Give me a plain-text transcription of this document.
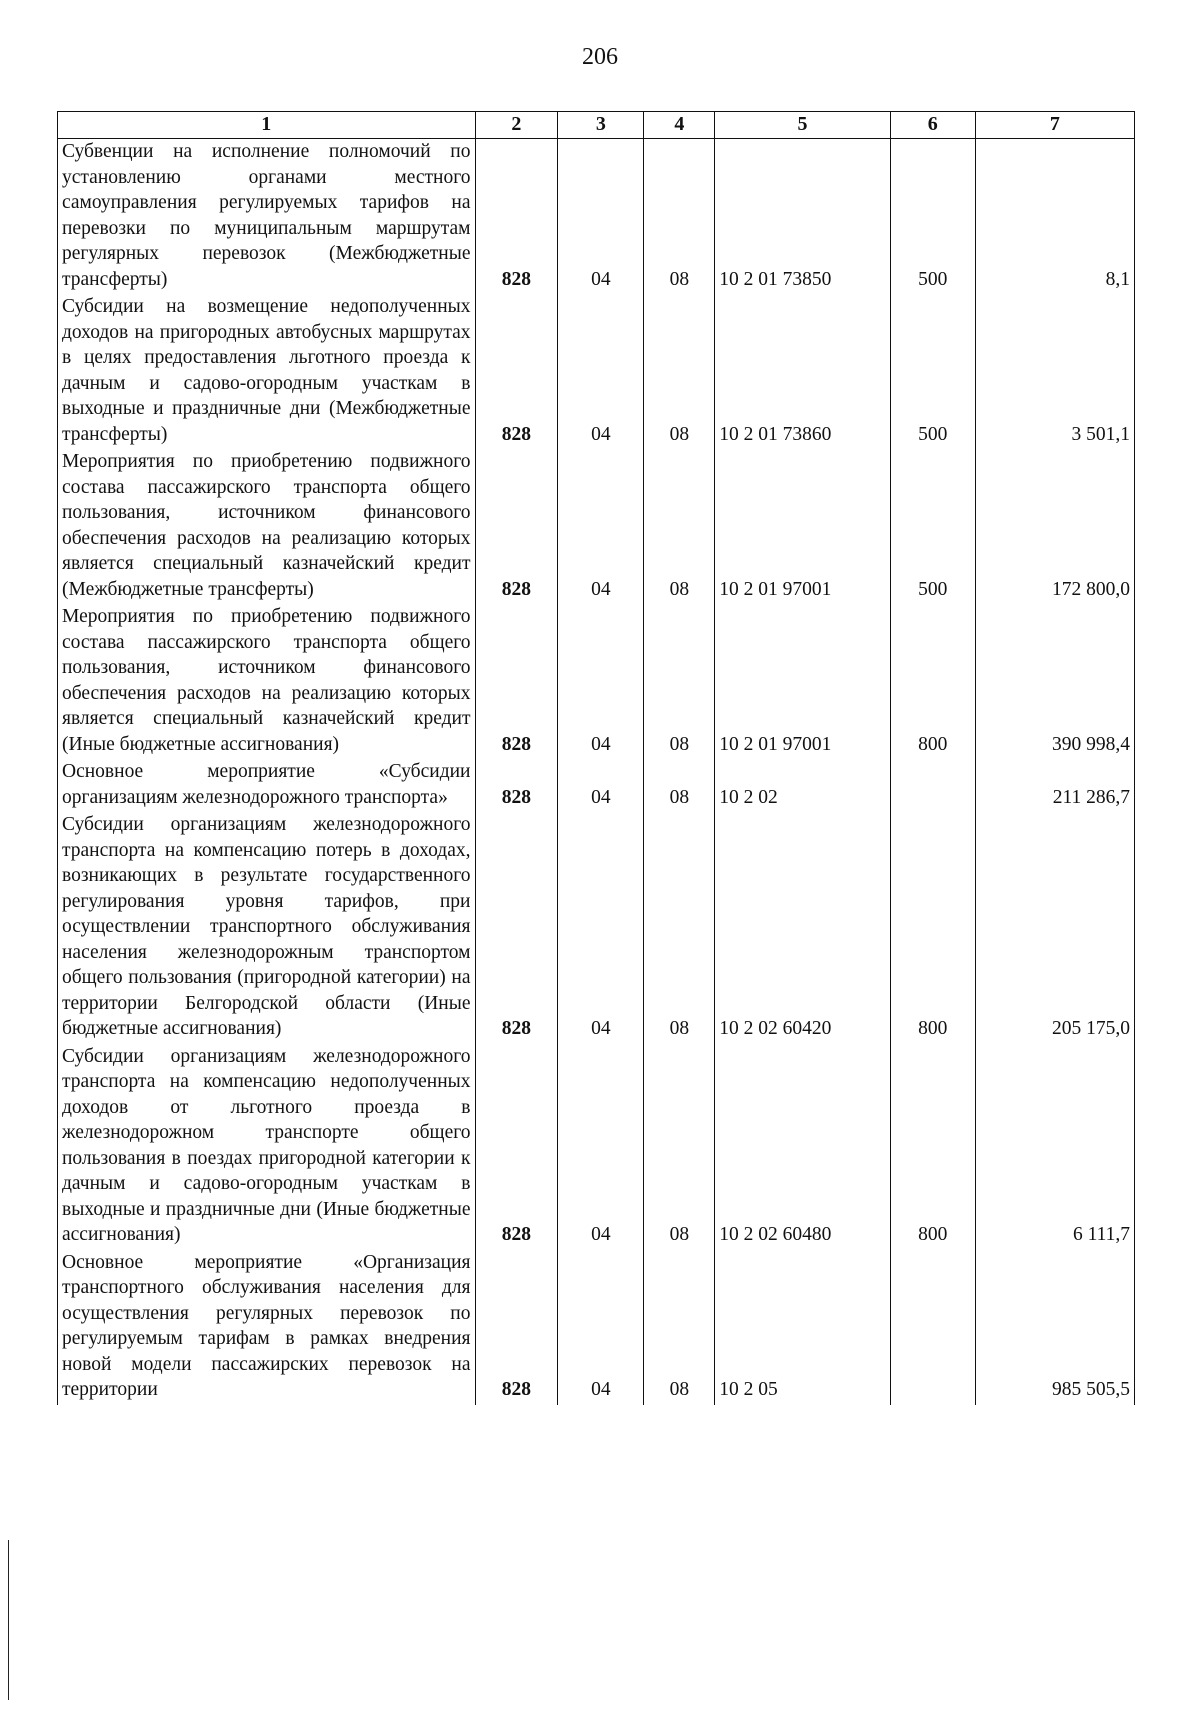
206
1	2	3	4	5	6	7
Субвенции на исполнение полномочий по установлению органами местного самоуправления регулируемых тарифов на перевозки по муниципальным маршрутам регулярных перевозок (Межбюджетные трансферты)	828	04	08	10 2 01 73850	500	8,1
Субсидии на возмещение недополученных доходов на пригородных автобусных маршрутах в целях предоставления льготного проезда к дачным и садово-огородным участкам в выходные и праздничные дни (Межбюджетные трансферты)	828	04	08	10 2 01 73860	500	3 501,1
Мероприятия по приобретению подвижного состава пассажирского транспорта общего пользования, источником финансового обеспечения расходов на реализацию которых является специальный казначейский кредит (Межбюджетные трансферты)	828	04	08	10 2 01 97001	500	172 800,0
Мероприятия по приобретению подвижного состава пассажирского транспорта общего пользования, источником финансового обеспечения расходов на реализацию которых является специальный казначейский кредит (Иные бюджетные ассигнования)	828	04	08	10 2 01 97001	800	390 998,4
Основное мероприятие «Субсидии организациям железнодорожного транспорта»	828	04	08	10 2 02		211 286,7
Субсидии организациям железнодорожного транспорта на компенсацию потерь в доходах, возникающих в результате государственного регулирования уровня тарифов, при осуществлении транспортного обслуживания населения железнодорожным транспортом общего пользования (пригородной категории) на территории Белгородской области (Иные бюджетные ассигнования)	828	04	08	10 2 02 60420	800	205 175,0
Субсидии организациям железнодорожного транспорта на компенсацию недополученных доходов от льготного проезда в железнодорожном транспорте общего пользования в поездах пригородной категории к дачным и садово-огородным участкам в выходные и праздничные дни (Иные бюджетные ассигнования)	828	04	08	10 2 02 60480	800	6 111,7
Основное мероприятие «Организация транспортного обслуживания населения для осуществления регулярных перевозок по регулируемым тарифам в рамках внедрения новой модели пассажирских перевозок на территории	828	04	08	10 2 05		985 505,5
